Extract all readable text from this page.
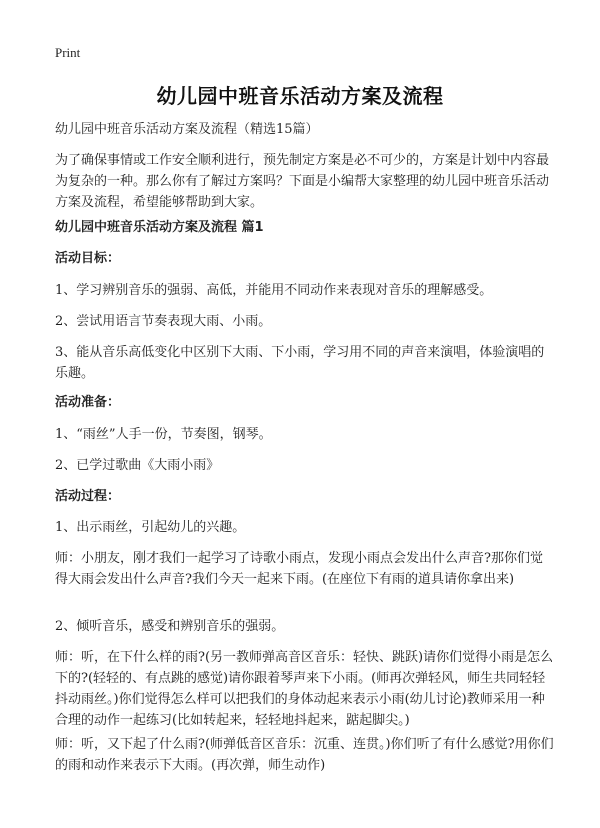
Print
幼儿园中班音乐活动方案及流程
幼儿园中班音乐活动方案及流程（精选15篇）
为了确保事情或工作安全顺利进行，预先制定方案是必不可少的，方案是计划中内容最为复杂的一种。那么你有了解过方案吗？下面是小编帮大家整理的幼儿园中班音乐活动方案及流程，希望能够帮助到大家。
幼儿园中班音乐活动方案及流程 篇1
活动目标：
1、学习辨别音乐的强弱、高低，并能用不同动作来表现对音乐的理解感受。
2、尝试用语言节奏表现大雨、小雨。
3、能从音乐高低变化中区别下大雨、下小雨，学习用不同的声音来演唱，体验演唱的乐趣。
活动准备：
1、“雨丝”人手一份，节奏图，钢琴。
2、已学过歌曲《大雨小雨》
活动过程：
1、出示雨丝，引起幼儿的兴趣。
师：小朋友，刚才我们一起学习了诗歌小雨点，发现小雨点会发出什么声音?那你们觉得大雨会发出什么声音?我们今天一起来下雨。(在座位下有雨的道具请你拿出来)
2、倾听音乐，感受和辨别音乐的强弱。
师：听，在下什么样的雨?(另一教师弹高音区音乐：轻快、跳跃)请你们觉得小雨是怎么下的?(轻轻的、有点跳的感觉)请你跟着琴声来下小雨。(师再次弹轻风，师生共同轻轻抖动雨丝。)你们觉得怎么样可以把我们的身体动起来表示小雨(幼儿讨论)教师采用一种合理的动作一起练习(比如转起来，轻轻地抖起来，踮起脚尖。)
师：听，又下起了什么雨?(师弹低音区音乐：沉重、连贯。)你们听了有什么感觉?用你们的雨和动作来表示下大雨。(再次弹，师生动作)
